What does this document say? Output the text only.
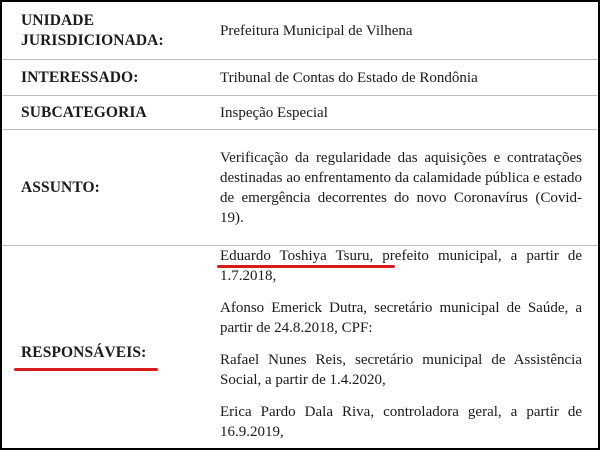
UNIDADE
JURISDICIONADA:	Prefeitura Municipal de Vilhena
INTERESSADO:	Tribunal de Contas do Estado de Rondônia
SUBCATEGORIA	Inspeção Especial
ASSUNTO:	Verificação da regularidade das aquisições e contratações destinadas ao enfrentamento da calamidade pública e estado de emergência decorrentes do novo Coronavírus (Covid-19).

RESPONSÁVEIS:	Eduardo Toshiya Tsuru, prefeito municipal, a partir de 1.7.2018,
Afonso Emerick Dutra, secretário municipal de Saúde, a partir de 24.8.2018, CPF:
Rafael Nunes Reis, secretário municipal de Assistência Social, a partir de 1.4.2020,
Erica Pardo Dala Riva, controladora geral, a partir de 16.9.2019,
